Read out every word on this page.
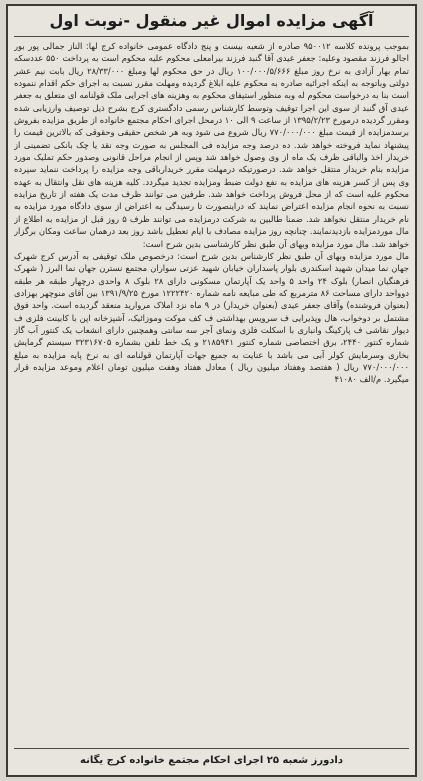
آگهی مزایده اموال غیر منقول -نوبت اول

بموجب پرونده کلاسه ۹۵۰۰۱۲ صادره از شعبه بیست و پنج دادگاه عمومی خانواده کرج لها: الناز جمالی پور بور اجالو فرزند مقصود وعلیه: جعفر عیدی آقا گنبد فرزند بیرامعلی محکوم علیه محکوم است به پرداخت ۵۵۰ عددسکه تمام بهار آزادی به نرخ روز مبلغ ۱۰۰/۰۰۰/۵/۶۶۶ ریال در حق محکوم لها ومبلغ ۲۸/۳۳/۰۰۰ ریال بابت نیم عشر دولتی وباتوجه به اینکه اجرائیه صادره به محکوم علیه ابلاغ گردیده ومهلت مقرر نسبت به اجرای حکم اقدام ننموده است بنا به درخواست محکوم له وبه منظور استیفای محکوم به وهزینه های اجرایی ملک قولنامه ای متعلق به جعفر عیدی آق گنبد از سوی این اجرا توقیف وتوسط کارشناس رسمی دادگستری کرج بشرح ذیل توصیف وارزیابی شده ومقرر گردیده درمورخ ۱۳۹۵/۲/۲۳ از ساعت ۹ الی ۱۰ درمحل اجرای احکام مجتمع خانواده از طریق مزایده بفروش برسدمزایده از قیمت مبلغ ۷۷۰/۰۰۰/۰۰۰ ریال شروع می شود وبه هر شخص حقیقی وحقوقی که بالاترین قیمت را پیشنهاد نماید فروخته خواهد شد. ده درصد وجه مزایده فی المجلس به صورت وجه نقد یا چک بانکی تضمینی از خریدار اخذ والباقی ظرف یک ماه از وی وصول خواهد شد وپس از انجام مراحل قانونی وصدور حکم تملیک مورد مزایده بنام خریدار منتقل خواهد شد. درصورتیکه درمهلت مقرر خریدارباقی وجه مزایده را پرداخت ننماید سپرده وی پس از کسر هزینه های مزایده به نفع دولت ضبط ومزایده تجدید میگردد. کلیه هزینه های نقل وانتقال به عهده محکوم علیه است که از محل فروش پرداخت خواهد شد. طرفین می توانند ظرف مدت یک هفته از تاریخ مزایده نسبت به نحوه انجام مزایده اعتراض نمایند که دراینصورت تا رسیدگی به اعتراض از سوی دادگاه مورد مزایده به نام خریدار منتقل نخواهد شد. ضمنا طالبین به شرکت درمزایده می توانند ظرف ۵ روز قبل از مزایده به اطلاع از مال موردمزایده بازدیدنمایند. چنانچه روز مزایده مصادف با ایام تعطیل باشد روز بعد درهمان ساعت ومکان برگزار خواهد شد. مال مورد مزایده وبهای آن طبق نظر کارشناسی بدین شرح است:

مال مورد مزایده وبهای آن طبق نظر کارشناس بدین شرح است: درخصوص ملک توقیفی به آدرس کرج شهرک جهان نما میدان شهید اسکندری بلوار پاسداران خیابان شهید عزتی سواران مجتمع نسترن جهان نما البرز ( شهرک فرهنگیان انصار) بلوک ۲۴ واحد ۵ واحد یک آپارتمان مسکونی دارای ۲۸ بلوک ۸ واحدی درچهار طبقه هر طبقه دوواحد دارای مساحت ۸۶ مترمربع که طی مبایعه نامه شماره ۱۲۲۲۴۲۰ مورخ ۱۳۹۱/۹/۲۵ بین آقای منوچهر بهزادی (بعنوان فروشنده) وآقای جعفر عیدی (بعنوان خریدار) در ۹ ماه نزد املاک مروارید منعقد گردیده است. واحد فوق مشتمل بر دوخواب، هال وپذیرایی ف سرویس بهداشتی ف کف موکت وموزائیک، آشپزخانه اپن با کابینت فلزی ف دیوار نقاشی ف پارکینگ وانباری با اسکلت فلزی ونمای آجر سه سانتی وهمچنین دارای انشعاب یک کنتور آب گاز شماره کنتور ۲۴۴۰، برق اختصاصی شماره کنتور ۲۱۸۵۹۴۱ و یک خط تلفن بشماره ۳۲۳۱۶۷۰۵ سیستم گرمایش بخاری وسرمایش کولر آبی می باشد با عنایت به جمیع جهات آپارتمان قولنامه ای به نرخ پایه مزایده به مبلغ ۷۷۰/۰۰۰/۰۰۰ ریال ( هفتصد وهفتاد میلیون ریال ) معادل هفتاد وهفت میلیون تومان اعلام وموعد مزایده قرار میگیرد. م/الف ۴۱۰۸۰

دادورز شعبه ۲۵ اجرای احکام مجتمع خانواده کرج یگانه
